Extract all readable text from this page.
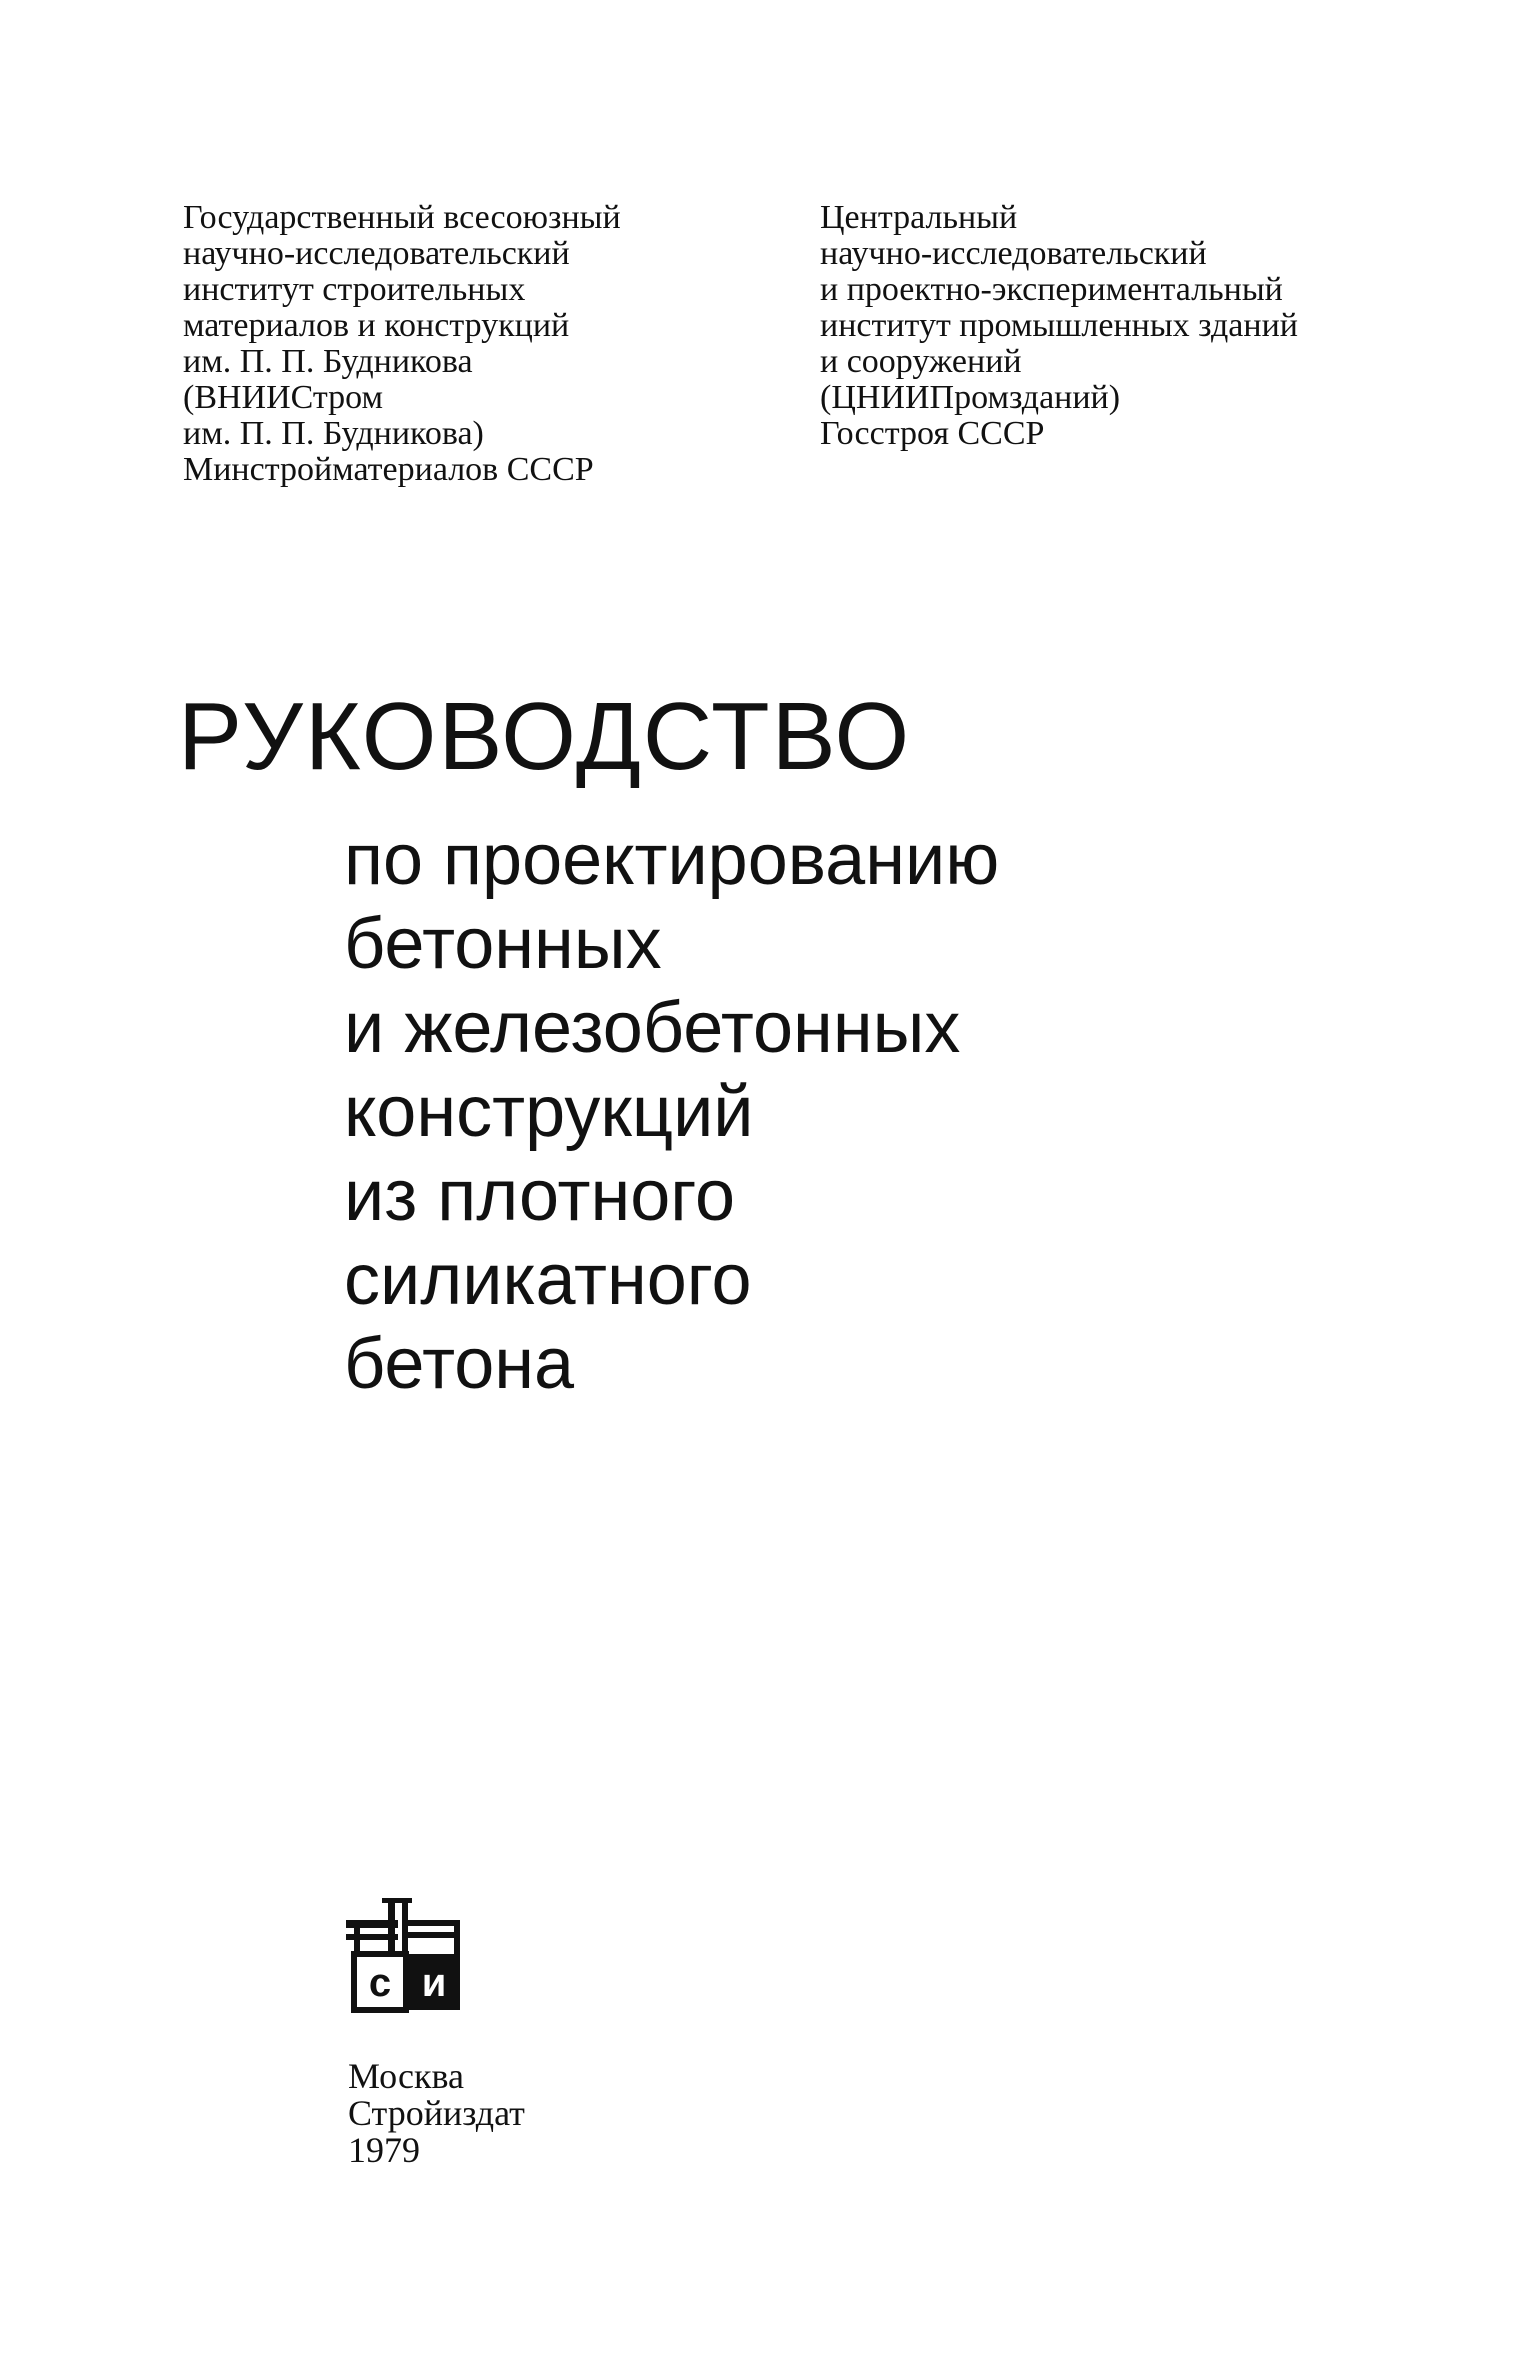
Государственный всесоюзный
научно-исследовательский
институт строительных
материалов и конструкций
им. П. П. Будникова
(ВНИИСтром
им. П. П. Будникова)
Минстройматериалов СССР
Центральный
научно-исследовательский
и проектно-экспериментальный
институт промышленных зданий
и сооружений
(ЦНИИПромзданий)
Госстроя СССР
РУКОВОДСТВО
по проектированию
бетонных
и железобетонных
конструкций
из плотного
силикатного
бетона
с и
Москва
Стройиздат
1979
